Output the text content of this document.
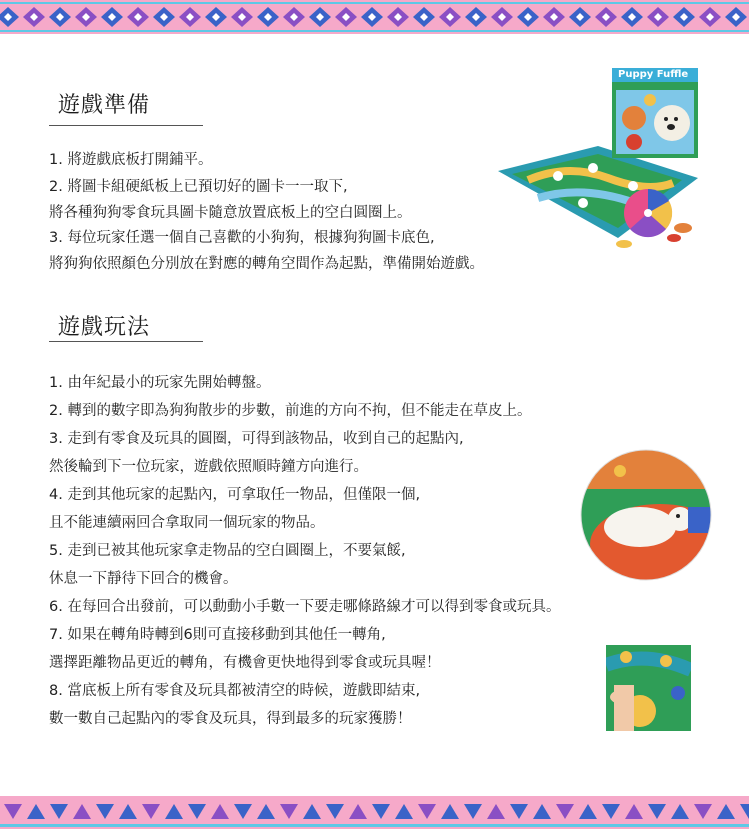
遊戲準備
1. 將遊戲底板打開鋪平。
2. 將圖卡組硬紙板上已預切好的圖卡一一取下,
將各種狗狗零食玩具圖卡隨意放置底板上的空白圓圈上。
3. 每位玩家任選一個自己喜歡的小狗狗，根據狗狗圖卡底色,
將狗狗依照顏色分別放在對應的轉角空間作為起點，準備開始遊戲。
Puppy Fuffle
遊戲玩法
1. 由年紀最小的玩家先開始轉盤。
2. 轉到的數字即為狗狗散步的步數，前進的方向不拘，但不能走在草皮上。
3. 走到有零食及玩具的圓圈，可得到該物品，收到自己的起點內,
然後輪到下一位玩家，遊戲依照順時鐘方向進行。
4. 走到其他玩家的起點內，可拿取任一物品，但僅限一個,
且不能連續兩回合拿取同一個玩家的物品。
5. 走到已被其他玩家拿走物品的空白圓圈上，不要氣餒,
休息一下靜待下回合的機會。
6. 在每回合出發前，可以動動小手數一下要走哪條路線才可以得到零食或玩具。
7. 如果在轉角時轉到6則可直接移動到其他任一轉角,
選擇距離物品更近的轉角，有機會更快地得到零食或玩具喔！
8. 當底板上所有零食及玩具都被清空的時候，遊戲即結束,
數一數自己起點內的零食及玩具，得到最多的玩家獲勝！
